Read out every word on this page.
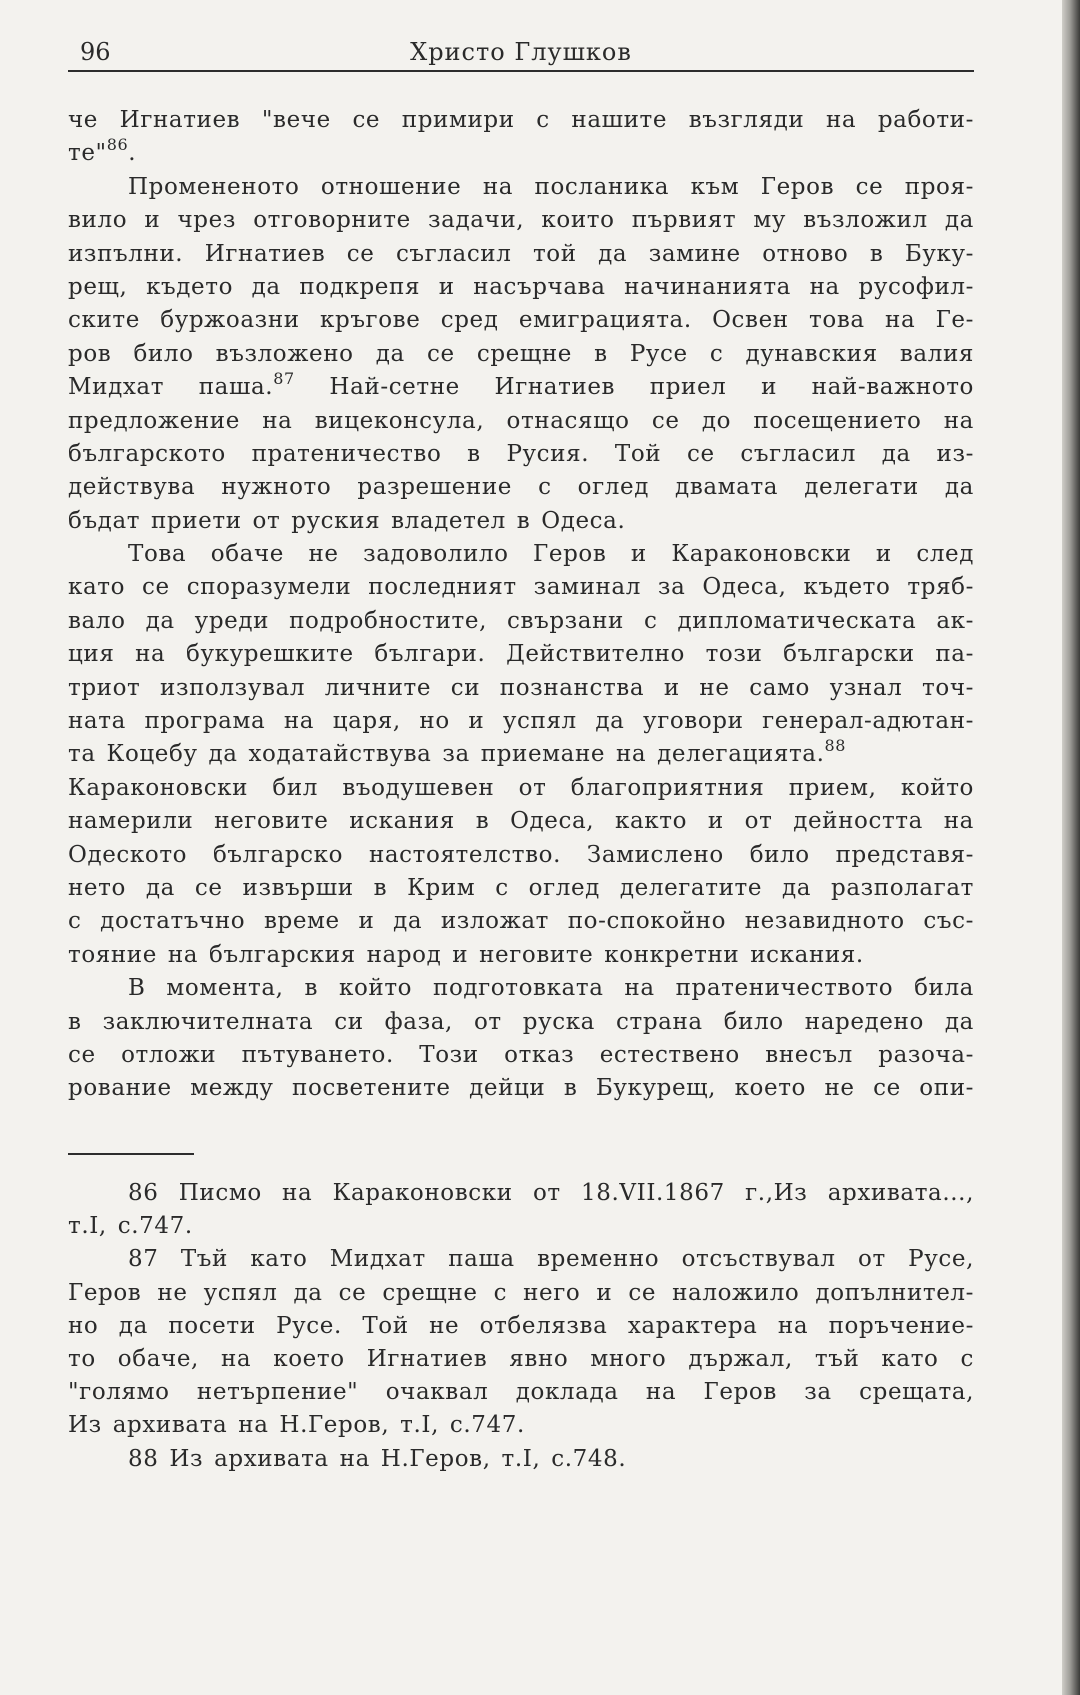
96	Христо Глушков
че Игнатиев "вече се примири с нашите възгляди на работи-
те"$^{86}$.
Промененото отношение на посланика към Геров се проя-
вило и чрез отговорните задачи, които първият му възложил да
изпълни. Игнатиев се съгласил той да замине отново в Буку-
рещ, където да подкрепя и насърчава начинанията на русофил-
ските буржоазни кръгове сред емиграцията. Освен това на Ге-
ров било възложено да се срещне в Русе с дунавския валия
Мидхат паша.$^{87}$ Най-сетне Игнатиев приел и най-важното
предложение на вицеконсула, отнасящо се до посещението на
българското пратеничество в Русия. Той се съгласил да из-
действува нужното разрешение с оглед двамата делегати да
бъдат приети от руския владетел в Одеса.
Това обаче не задоволило Геров и Караконовски и след
като се споразумели последният заминал за Одеса, където тряб-
вало да уреди подробностите, свързани с дипломатическата ак-
ция на букурешките българи. Действително този български па-
триот използувал личните си познанства и не само узнал точ-
ната програма на царя, но и успял да уговори генерал-адютан-
та Коцебу да ходатайствува за приемане на делегацията.$^{88}$
Караконовски бил въодушевен от благоприятния прием, който
намерили неговите искания в Одеса, както и от дейността на
Одеското българско настоятелство. Замислено било представя-
нето да се извърши в Крим с оглед делегатите да разполагат
с достатъчно време и да изложат по-спокойно незавидното със-
тояние на българския народ и неговите конкретни искания.
В момента, в който подготовката на пратеничеството била
в заключителната си фаза, от руска страна било наредено да
се отложи пътуването. Този отказ естествено внесъл разоча-
рование между посветените дейци в Букурещ, което не се опи-
86 Писмо на Караконовски от 18.VII.1867 г.,Из архивата...,
т.I, с.747.
87 Тъй като Мидхат паша временно отсъствувал от Русе,
Геров не успял да се срещне с него и се наложило допълнител-
но да посети Русе. Той не отбелязва характера на поръчение-
то обаче, на което Игнатиев явно много държал, тъй като с
"голямо нетърпение" очаквал доклада на Геров за срещата,
Из архивата на Н.Геров, т.I, с.747.
88 Из архивата на Н.Геров, т.I, с.748.
